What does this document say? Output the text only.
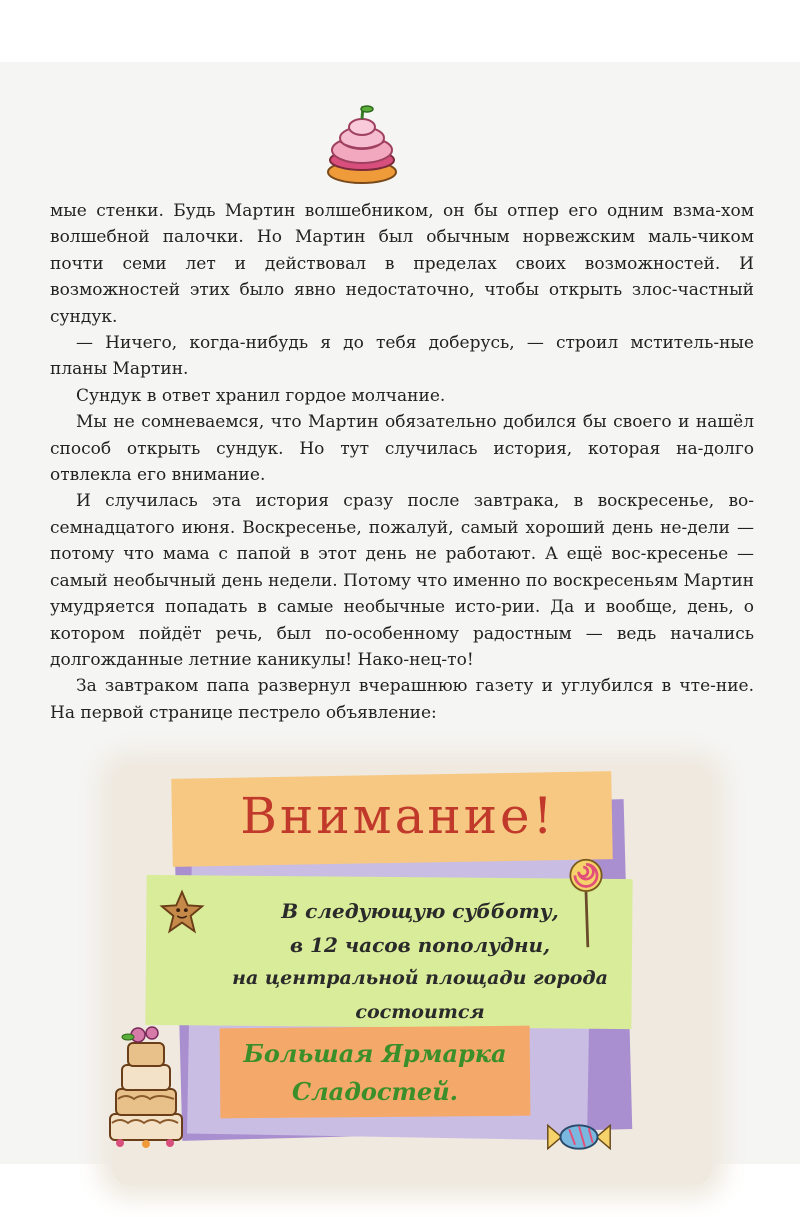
мые стенки. Будь Мартин волшебником, он бы отпер его одним взма-хом волшебной палочки. Но Мартин был обычным норвежским маль-чиком почти семи лет и действовал в пределах своих возможностей. И возможностей этих было явно недостаточно, чтобы открыть злос-частный сундук.

— Ничего, когда-нибудь я до тебя доберусь, — строил мститель-ные планы Мартин.

Сундук в ответ хранил гордое молчание.

Мы не сомневаемся, что Мартин обязательно добился бы своего и нашёл способ открыть сундук. Но тут случилась история, которая на-долго отвлекла его внимание.

И случилась эта история сразу после завтрака, в воскресенье, во-семнадцатого июня. Воскресенье, пожалуй, самый хороший день не-дели — потому что мама с папой в этот день не работают. А ещё вос-кресенье — самый необычный день недели. Потому что именно по воскресеньям Мартин умудряется попадать в самые необычные исто-рии. Да и вообще, день, о котором пойдёт речь, был по-особенному радостным — ведь начались долгожданные летние каникулы! Нако-нец-то!

За завтраком папа развернул вчерашнюю газету и углубился в чте-ние. На первой странице пестрело объявление:

Внимание!
В следующую субботу,
в 12 часов пополудни,
на центральной площади города
состоится
Большая Ярмарка
Сладостей.
